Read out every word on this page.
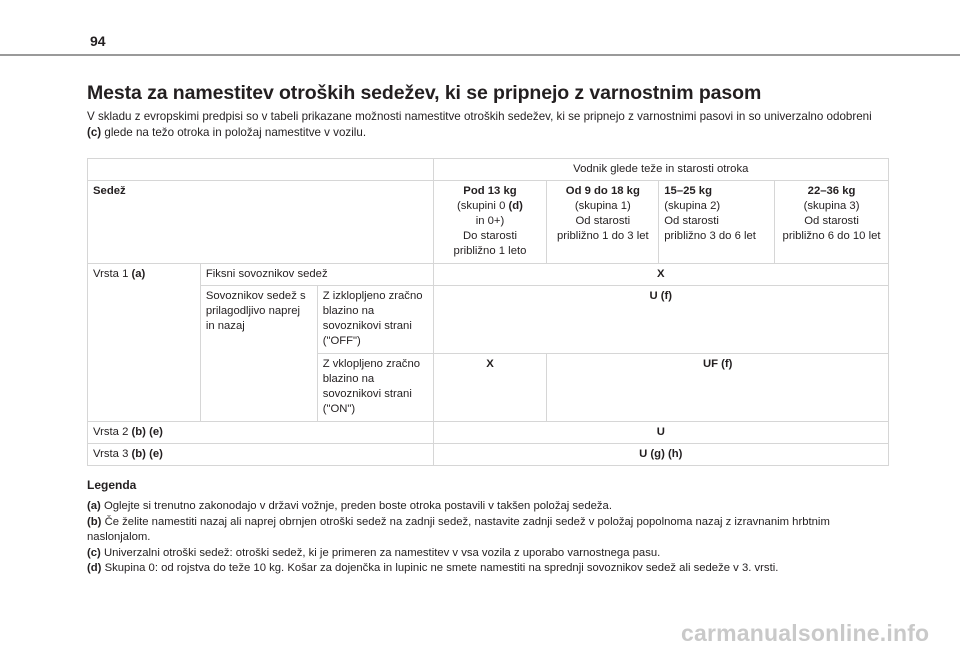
94
Mesta za namestitev otroških sedežev, ki se pripnejo z varnostnim pasom

V skladu z evropskimi predpisi so v tabeli prikazane možnosti namestitve otroških sedežev, ki se pripnejo z varnostnimi pasovi in so univerzalno odobreni (c) glede na težo otroka in položaj namestitve v vozilu.

			Vodnik glede teže in starosti otroka			
Sedež			Pod 13 kg
(skupini 0 (d)
in 0+)
Do starosti
približno 1 leto	Od 9 do 18 kg
(skupina 1)
Od starosti
približno 1 do 3 let	15–25 kg
(skupina 2)
Od starosti
približno 3 do 6 let	22–36 kg
(skupina 3)
Od starosti
približno 6 do 10 let
Vrsta 1 (a)	Fiksni sovoznikov sedež		X			
	Sovoznikov sedež s prilagodljivo naprej in nazaj	Z izklopljeno zračno blazino na sovoznikovi strani ("OFF")	U (f)			
		Z vklopljeno zračno blazino na sovoznikovi strani ("ON")	X	UF (f)		
Vrsta 2 (b) (e)			U			
Vrsta 3 (b) (e)			U (g) (h)			
Legenda
(a) Oglejte si trenutno zakonodajo v državi vožnje, preden boste otroka postavili v takšen položaj sedeža.
(b) Če želite namestiti nazaj ali naprej obrnjen otroški sedež na zadnji sedež, nastavite zadnji sedež v položaj popolnoma nazaj z izravnanim hrbtnim naslonjalom.
(c) Univerzalni otroški sedež: otroški sedež, ki je primeren za namestitev v vsa vozila z uporabo varnostnega pasu.
(d) Skupina 0: od rojstva do teže 10 kg. Košar za dojenčka in lupinic ne smete namestiti na sprednji sovoznikov sedež ali sedeže v 3. vrsti.
carmanualsonline.info
